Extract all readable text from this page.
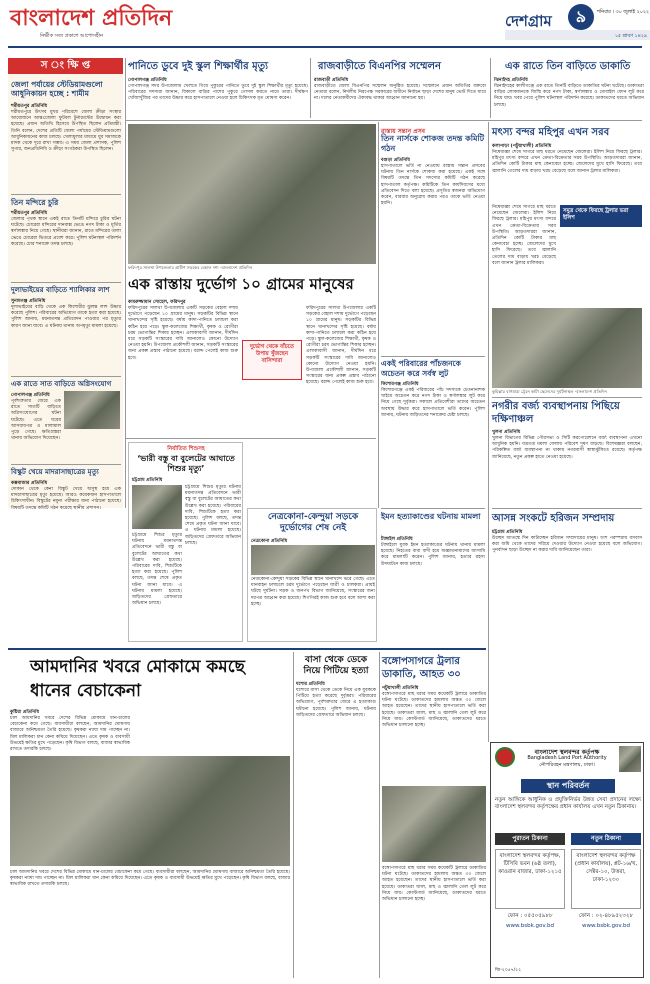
বাংলাদেশ প্রতিদিন
নির্ভীক সত্য প্রকাশে আপোসহীন
দেশগ্রাম	৯	শনিবার । ৩০ জুলাই ২০২২
১৫ শ্রাবণ ১৪২৯
স ং ক্ষি প্ত
জেলা পর্যায়ের স্টেডিয়ামগুলো আধুনিকায়ন হচ্ছে : শামীম
শরীয়তপুর প্রতিনিধি
শরীয়তপুরে উৎসব মুখর পরিবেশে জেলা ক্রীড়া সংস্থার আয়োজনে আন্তঃজেলা ফুটবল টুর্নামেন্টের উদ্বোধন করা হয়েছে। প্রধান অতিথি হিসেবে উপস্থিত ছিলেন প্রতিমন্ত্রী। তিনি বলেন, দেশের প্রতিটি জেলা পর্যায়ের স্টেডিয়ামগুলো আধুনিকায়নের কাজ চলছে। খেলাধুলার মাধ্যমে যুব সমাজকে মাদক থেকে দূরে রাখা সম্ভব। এ সময় জেলা প্রশাসক, পুলিশ সুপার, জনপ্রতিনিধি ও ক্রীড়া সংগঠকরা উপস্থিত ছিলেন।
তিন মন্দিরে চুরি
শরীয়তপুর প্রতিনিধি
জেলার পৃথক স্থানে একই রাতে তিনটি মন্দিরে চুরির ঘটনা ঘটেছে। চোরেরা মন্দিরের দানবাক্স ভেঙে নগদ টাকা ও মূর্তির স্বর্ণালঙ্কার নিয়ে গেছে। স্থানীয়রা জানান, রাতে মন্দিরের তালা ভেঙে চোরেরা ভিতরে প্রবেশ করে। পুলিশ ঘটনাস্থল পরিদর্শন করেছে। চোর শনাক্তে তদন্ত চলছে।
দুলাভাইয়ের বাড়িতে শ্যালিকার লাশ
সুনামগঞ্জ প্রতিনিধি
দুলাভাইয়ের বাড়ি থেকে এক কিশোরীর ঝুলন্ত লাশ উদ্ধার করেছে পুলিশ। পরিবারের অভিযোগ তাকে হত্যা করা হয়েছে। পুলিশ জানায়, ময়নাতদন্ত প্রতিবেদন পাওয়ার পর মৃত্যুর কারণ জানা যাবে। এ ঘটনায় থানায় অপমৃত্যু মামলা হয়েছে।
এক রাতে সাত বাড়িতে অগ্নিসংযোগ
গোপালগঞ্জ প্রতিনিধি
পূর্বশত্রুতার জেরে এক রাতে সাতটি বাড়িতে অগ্নিসংযোগের ঘটনা ঘটেছে। এতে ঘরের আসবাবপত্র ও মালামাল পুড়ে গেছে। ক্ষতিগ্রস্তরা থানায় অভিযোগ দিয়েছেন।
বিস্কুট খেয়ে মাদরাসাছাত্রের মৃত্যু
কক্সবাজার প্রতিনিধি
দোকান থেকে কেনা বিস্কুট খেয়ে অসুস্থ হয়ে এক মাদরাসাছাত্রের মৃত্যু হয়েছে। আরও কয়েকজন হাসপাতালে চিকিৎসাধীন। বিস্কুটের নমুনা পরীক্ষার জন্য পাঠানো হয়েছে। বিষয়টি তদন্তে কমিটি গঠন করেছে স্থানীয় প্রশাসন।
পানিতে ডুবে দুই স্কুল শিক্ষার্থীর মৃত্যু
গোপালগঞ্জ প্রতিনিধি
গোপালগঞ্জ সদর উপজেলায় খেলতে গিয়ে পুকুরের পানিতে ডুবে দুই স্কুল শিক্ষার্থীর মৃত্যু হয়েছে। পরিবারের সদস্যরা জানান, বিকালে বাড়ির পাশের পুকুরে গোসল করতে নামে তারা। দীর্ঘক্ষণ খোঁজাখুঁজির পর তাদের উদ্ধার করে হাসপাতালে নেওয়া হলে চিকিৎসক মৃত ঘোষণা করেন।
রাজবাড়ীতে বিএনপির সম্মেলন
রাজবাড়ী প্রতিনিধি
রাজবাড়ীতে জেলা বিএনপির সম্মেলন অনুষ্ঠিত হয়েছে। সম্মেলনে প্রধান অতিথির বক্তব্যে নেতারা বলেন, নির্দলীয় নিরপেক্ষ সরকারের অধীনে নির্বাচন ছাড়া দেশের মানুষ ভোট দিতে যাবে না। দলের নেতাকর্মীদের ঐক্যবদ্ধ থাকার আহ্বান জানানো হয়।
এক রাতে তিন বাড়িতে ডাকাতি
ঝিনাইদহ প্রতিনিধি
ঝিনাইদহের কালীগঞ্জে এক রাতে তিনটি বাড়িতে ডাকাতির ঘটনা ঘটেছে। ডাকাতরা বাড়ির লোকজনকে জিম্মি করে নগদ টাকা, স্বর্ণালঙ্কার ও মোবাইল ফোন লুট করে নিয়ে যায়। খবর পেয়ে পুলিশ ঘটনাস্থল পরিদর্শন করেছে। ডাকাতদের ধরতে অভিযান চলছে।
ফরিদপুর সালথা উপজেলার গ্রামীণ সড়কের বেহাল দশা -বাংলাদেশ প্রতিদিন
এক রাস্তায় দুর্ভোগ ১০ গ্রামের মানুষের
কামরুজ্জামান সোহেল, ফরিদপুর
ফরিদপুরের সালথা উপজেলার একটি সড়কের বেহাল দশায় দুর্ভোগে পড়েছেন ১০ গ্রামের মানুষ। সড়কটির বিভিন্ন স্থানে খানাখন্দের সৃষ্টি হয়েছে। বর্ষায় কাদা-পানিতে চলাচল করা কঠিন হয়ে পড়ে। স্কুল-কলেজের শিক্ষার্থী, কৃষক ও রোগীরা চরম ভোগান্তির শিকার হচ্ছেন। এলাকাবাসী জানান, দীর্ঘদিন ধরে সড়কটি সংস্কারের দাবি জানালেও কোনো উদ্যোগ নেওয়া হয়নি। উপজেলা প্রকৌশলী জানান, সড়কটি সংস্কারের জন্য প্রকল্প প্রস্তাব পাঠানো হয়েছে। বরাদ্দ পেলেই কাজ শুরু হবে।
দুর্ভোগ থেকে বাঁচতে উপায় খুঁজছেন বাসিন্দারা
ফরিদপুরের সালথা উপজেলার একটি সড়কের বেহাল দশায় দুর্ভোগে পড়েছেন ১০ গ্রামের মানুষ। সড়কটির বিভিন্ন স্থানে খানাখন্দের সৃষ্টি হয়েছে। বর্ষায় কাদা-পানিতে চলাচল করা কঠিন হয়ে পড়ে। স্কুল-কলেজের শিক্ষার্থী, কৃষক ও রোগীরা চরম ভোগান্তির শিকার হচ্ছেন। এলাকাবাসী জানান, দীর্ঘদিন ধরে সড়কটি সংস্কারের দাবি জানালেও কোনো উদ্যোগ নেওয়া হয়নি। উপজেলা প্রকৌশলী জানান, সড়কটি সংস্কারের জন্য প্রকল্প প্রস্তাব পাঠানো হয়েছে। বরাদ্দ পেলেই কাজ শুরু হবে।
রাস্তায় সন্তান প্রসব
তিন নার্সকে শোকজ তদন্ত কমিটি গঠন
বগুড়া প্রতিনিধি
হাসপাতালে ভর্তি না নেওয়ায় রাস্তায় সন্তান প্রসবের ঘটনায় তিন নার্সকে শোকজ করা হয়েছে। একই সঙ্গে বিষয়টি তদন্তে তিন সদস্যের কমিটি গঠন করেছে হাসপাতাল কর্তৃপক্ষ। কমিটিকে তিন কার্যদিবসের মধ্যে প্রতিবেদন দিতে বলা হয়েছে। প্রসূতির স্বজনরা অভিযোগ করেন, বারবার অনুরোধ করার পরও তাকে ভর্তি নেওয়া হয়নি।
একই পরিবারের পাঁচজনকে অচেতন করে সর্বস্ব লুট
কিশোরগঞ্জ প্রতিনিধি
কিশোরগঞ্জে একই পরিবারের পাঁচ সদস্যকে চেতনানাশক খাইয়ে অচেতন করে নগদ টাকা ও স্বর্ণালঙ্কার লুট করে নিয়ে গেছে দুর্বৃত্তরা। সকালে প্রতিবেশীরা তাদের অচেতন অবস্থায় উদ্ধার করে হাসপাতালে ভর্তি করেন। পুলিশ জানায়, ঘটনায় জড়িতদের শনাক্তের চেষ্টা চলছে।
মৎস্য বন্দর মহিপুর এখন সরব
কলাপাড়া (পটুয়াখালী) প্রতিনিধি
নিষেধাজ্ঞা শেষে সাগরে মাছ ধরতে নেমেছেন জেলেরা। ইলিশ নিয়ে ফিরছে ট্রলার। মহিপুর মৎস্য বন্দরে এখন ক্রেতা-বিক্রেতার সরব উপস্থিতি। আড়তদাররা জানান, প্রতিদিন কোটি টাকার মাছ কেনাবেচা হচ্ছে। জেলেদের মুখে হাসি ফিরেছে। তবে জ্বালানি তেলের দাম বাড়ায় খরচ বেড়েছে বলে জানান ট্রলার মালিকরা।
সমুদ্র থেকে ফিরছে ট্রলার ভরা ইলিশ
নিষেধাজ্ঞা শেষে সাগরে মাছ ধরতে নেমেছেন জেলেরা। ইলিশ নিয়ে ফিরছে ট্রলার। মহিপুর মৎস্য বন্দরে এখন ক্রেতা-বিক্রেতার সরব উপস্থিতি। আড়তদাররা জানান, প্রতিদিন কোটি টাকার মাছ কেনাবেচা হচ্ছে। জেলেদের মুখে হাসি ফিরেছে। তবে জ্বালানি তেলের দাম বাড়ায় খরচ বেড়েছে বলে জানান ট্রলার মালিকরা।
কুমিল্লার বাগমারা ট্রেনে কাটা ছেলেদের দুর্ঘটনাস্থল -বাংলাদেশ প্রতিদিন
নগরীর বর্জ্য ব্যবস্থাপনায় পিছিয়ে দক্ষিণাঞ্চল
খুলনা প্রতিনিধি
খুলনা বিভাগের বিভিন্ন পৌরসভা ও সিটি করপোরেশনে বর্জ্য ব্যবস্থাপনা এখনো আধুনিক হয়নি। যত্রতত্র ময়লা ফেলায় পরিবেশ দূষণ বাড়ছে। বিশেষজ্ঞরা বলছেন, পরিকল্পিত বর্জ্য ব্যবস্থাপনা না থাকায় নগরবাসী স্বাস্থ্যঝুঁকিতে রয়েছে। কর্তৃপক্ষ জানিয়েছে, নতুন প্রকল্প হাতে নেওয়া হয়েছে।
নির্যাতিত শিশুসহ
‘ভারী বস্তু বা বুলেটের আঘাতে শিশুর মৃত্যু’
চট্টগ্রাম প্রতিনিধি
চট্টগ্রামে শিশুর মৃত্যুর ঘটনায় ময়নাতদন্ত প্রতিবেদনে ভারী বস্তু বা বুলেটের আঘাতের কথা উল্লেখ করা হয়েছে। পরিবারের দাবি, শিশুটিকে হত্যা করা হয়েছে। পুলিশ বলছে, তদন্ত শেষে প্রকৃত ঘটনা জানা যাবে। এ ঘটনায় মামলা হয়েছে। জড়িতদের গ্রেফতারে অভিযান চলছে।
চট্টগ্রামে শিশুর মৃত্যুর ঘটনায় ময়নাতদন্ত প্রতিবেদনে ভারী বস্তু বা বুলেটের আঘাতের কথা উল্লেখ করা হয়েছে। পরিবারের দাবি, শিশুটিকে হত্যা করা হয়েছে। পুলিশ বলছে, তদন্ত শেষে প্রকৃত ঘটনা জানা যাবে। এ ঘটনায় মামলা হয়েছে। জড়িতদের গ্রেফতারে অভিযান চলছে।
নেত্রকোনা-কেন্দুয়া সড়কে দুর্ভোগের শেষ নেই
নেত্রকোনা প্রতিনিধি
নেত্রকোনা-কেন্দুয়া সড়কের বিভিন্ন স্থানে খানাখন্দে ভরে গেছে। এতে যানবাহন চলাচলে চরম দুর্ভোগে পড়েছেন যাত্রী ও চালকরা। প্রায়ই ঘটছে দুর্ঘটনা। সড়ক ও জনপথ বিভাগ জানিয়েছে, সংস্কারের জন্য দরপত্র আহ্বান করা হয়েছে। শিগগিরই কাজ শুরু হবে বলে আশা করা হচ্ছে।
ইমন হত্যাকাণ্ডের ঘটনায় মামলা
টাঙ্গাইল প্রতিনিধি
টাঙ্গাইলে যুবক ইমন হত্যাকাণ্ডের ঘটনায় থানায় মামলা হয়েছে। নিহতের বাবা বাদী হয়ে অজ্ঞাতনামাদের আসামি করে মামলাটি করেন। পুলিশ জানায়, হত্যার রহস্য উদঘাটনে কাজ চলছে।
আসন্ন সংকটে হরিজন সম্প্রদায়
চট্টগ্রাম প্রতিনিধি
উচ্ছেদ আতঙ্কে দিন কাটাচ্ছেন হরিজন সম্প্রদায়ের মানুষ। বংশ পরম্পরায় বসবাস করা জমি থেকে তাদের সরিয়ে দেওয়ার উদ্যোগ নেওয়া হয়েছে বলে অভিযোগ। পুনর্বাসন ছাড়া উচ্ছেদ না করার দাবি জানিয়েছেন তারা।
আমদানির খবরে মোকামে কমছে ধানের বেচাকেনা
কুষ্টিয়া প্রতিনিধি
চাল আমদানির খবরে দেশের বিভিন্ন মোকামে ধান-চালের বেচাকেনা কমে গেছে। ব্যবসায়ীরা বলছেন, আমদানির ঘোষণায় বাজারে অনিশ্চয়তা তৈরি হয়েছে। কৃষকরা ন্যায্য দাম পাচ্ছেন না। মিল মালিকরা ধান কেনা কমিয়ে দিয়েছেন। এতে কৃষক ও ব্যবসায়ী উভয়েই ক্ষতির মুখে পড়েছেন। কৃষি বিভাগ বলছে, বাজার স্বাভাবিক রাখতে তদারকি চলছে।
চাল আমদানির খবরে দেশের বিভিন্ন মোকামে ধান-চালের বেচাকেনা কমে গেছে। ব্যবসায়ীরা বলছেন, আমদানির ঘোষণায় বাজারে অনিশ্চয়তা তৈরি হয়েছে। কৃষকরা ন্যায্য দাম পাচ্ছেন না। মিল মালিকরা ধান কেনা কমিয়ে দিয়েছেন। এতে কৃষক ও ব্যবসায়ী উভয়েই ক্ষতির মুখে পড়েছেন। কৃষি বিভাগ বলছে, বাজার স্বাভাবিক রাখতে তদারকি চলছে।
বাসা থেকে ডেকে নিয়ে পিটিয়ে হত্যা
যশোর প্রতিনিধি
যশোরে বাসা থেকে ডেকে নিয়ে এক যুবককে পিটিয়ে হত্যা করেছে দুর্বৃত্তরা। পরিবারের অভিযোগ, পূর্বশত্রুতার জেরে এ হত্যাকাণ্ড ঘটানো হয়েছে। পুলিশ জানায়, ঘটনায় জড়িতদের গ্রেফতারে অভিযান চলছে।
বঙ্গোপসাগরে ট্রলার ডাকাতি, আহত ৩০
পটুয়াখালী প্রতিনিধি
বঙ্গোপসাগরে মাছ ধরার সময় কয়েকটি ট্রলারে ডাকাতির ঘটনা ঘটেছে। ডাকাতদের হামলায় অন্তত ৩০ জেলে আহত হয়েছেন। তাদের স্থানীয় হাসপাতালে ভর্তি করা হয়েছে। ডাকাতরা জাল, মাছ ও জ্বালানি তেল লুট করে নিয়ে যায়। কোস্টগার্ড জানিয়েছে, ডাকাতদের ধরতে অভিযান চালানো হচ্ছে।
বঙ্গোপসাগরে মাছ ধরার সময় কয়েকটি ট্রলারে ডাকাতির ঘটনা ঘটেছে। ডাকাতদের হামলায় অন্তত ৩০ জেলে আহত হয়েছেন। তাদের স্থানীয় হাসপাতালে ভর্তি করা হয়েছে। ডাকাতরা জাল, মাছ ও জ্বালানি তেল লুট করে নিয়ে যায়। কোস্টগার্ড জানিয়েছে, ডাকাতদের ধরতে অভিযান চালানো হচ্ছে।
বাংলাদেশ স্থলবন্দর কর্তৃপক্ষ
Bangladesh Land Port Authority
নৌপরিবহন মন্ত্রণালয়, ঢাকা।
স্থান পরিবর্তন
নতুন আঙ্গিকে আধুনিক ও প্রযুক্তিনির্ভর উন্নত সেবা প্রদানের লক্ষ্যে বাংলাদেশ স্থলবন্দর কর্তৃপক্ষের প্রধান কার্যালয় এখন নতুন ঠিকানায়।
পুরাতন ঠিকানা	নতুন ঠিকানা
বাংলাদেশ স্থলবন্দর কর্তৃপক্ষ, টিসিবি ভবন (৬ষ্ঠ তলা), কাওরান বাজার, ঢাকা-১২১৫
বাংলাদেশ স্থলবন্দর কর্তৃপক্ষ (প্রধান কার্যালয়), প্লট-১৬/খ, সেক্টর-১০, উত্তরা, ঢাকা-১২৩০
ফোন : ০৫৫০৫৯৮৮	ফোন : ০২-৪৮৯৫২৩২৮
www.bsbk.gov.bd	www.bsbk.gov.bd
জি-২০৫৭/২২
